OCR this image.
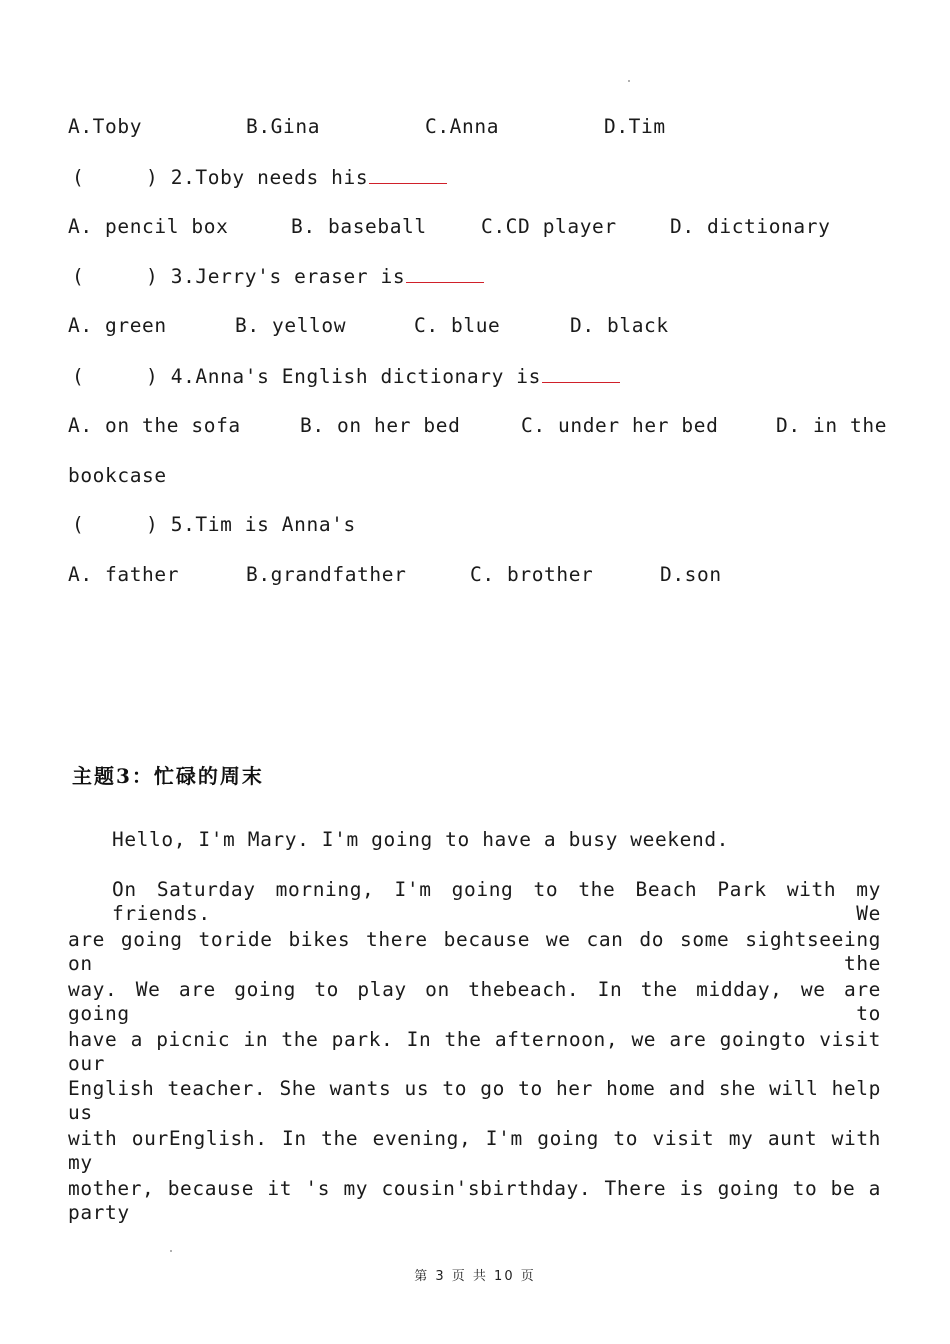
A.Toby	B.Gina	C.Anna	D.Tim
(     ) 2.Toby needs his
A. pencil box	B. baseball	C.CD player	D. dictionary
(     ) 3.Jerry's eraser is
A. green	B. yellow	C. blue	D. black
(     ) 4.Anna's English dictionary is
A. on the sofa	B. on her bed	C. under her bed	D. in the
bookcase
(     ) 5.Tim is Anna's
A. father	B.grandfather	C. brother	D.son
主题3：忙碌的周末
Hello, I'm Mary. I'm going to have a busy weekend.
On Saturday morning, I'm going to the Beach Park with my friends. We
are going toride bikes there because we can do some sightseeing on the
way. We are going to play on thebeach. In the midday, we are going to
have a picnic in the park. In the afternoon, we are goingto visit our
English teacher. She wants us to go to her home and she will help us
with ourEnglish. In the evening, I'm going to visit my aunt with my
mother, because it 's my cousin'sbirthday. There is going to be a party
第 3 页 共 10 页
